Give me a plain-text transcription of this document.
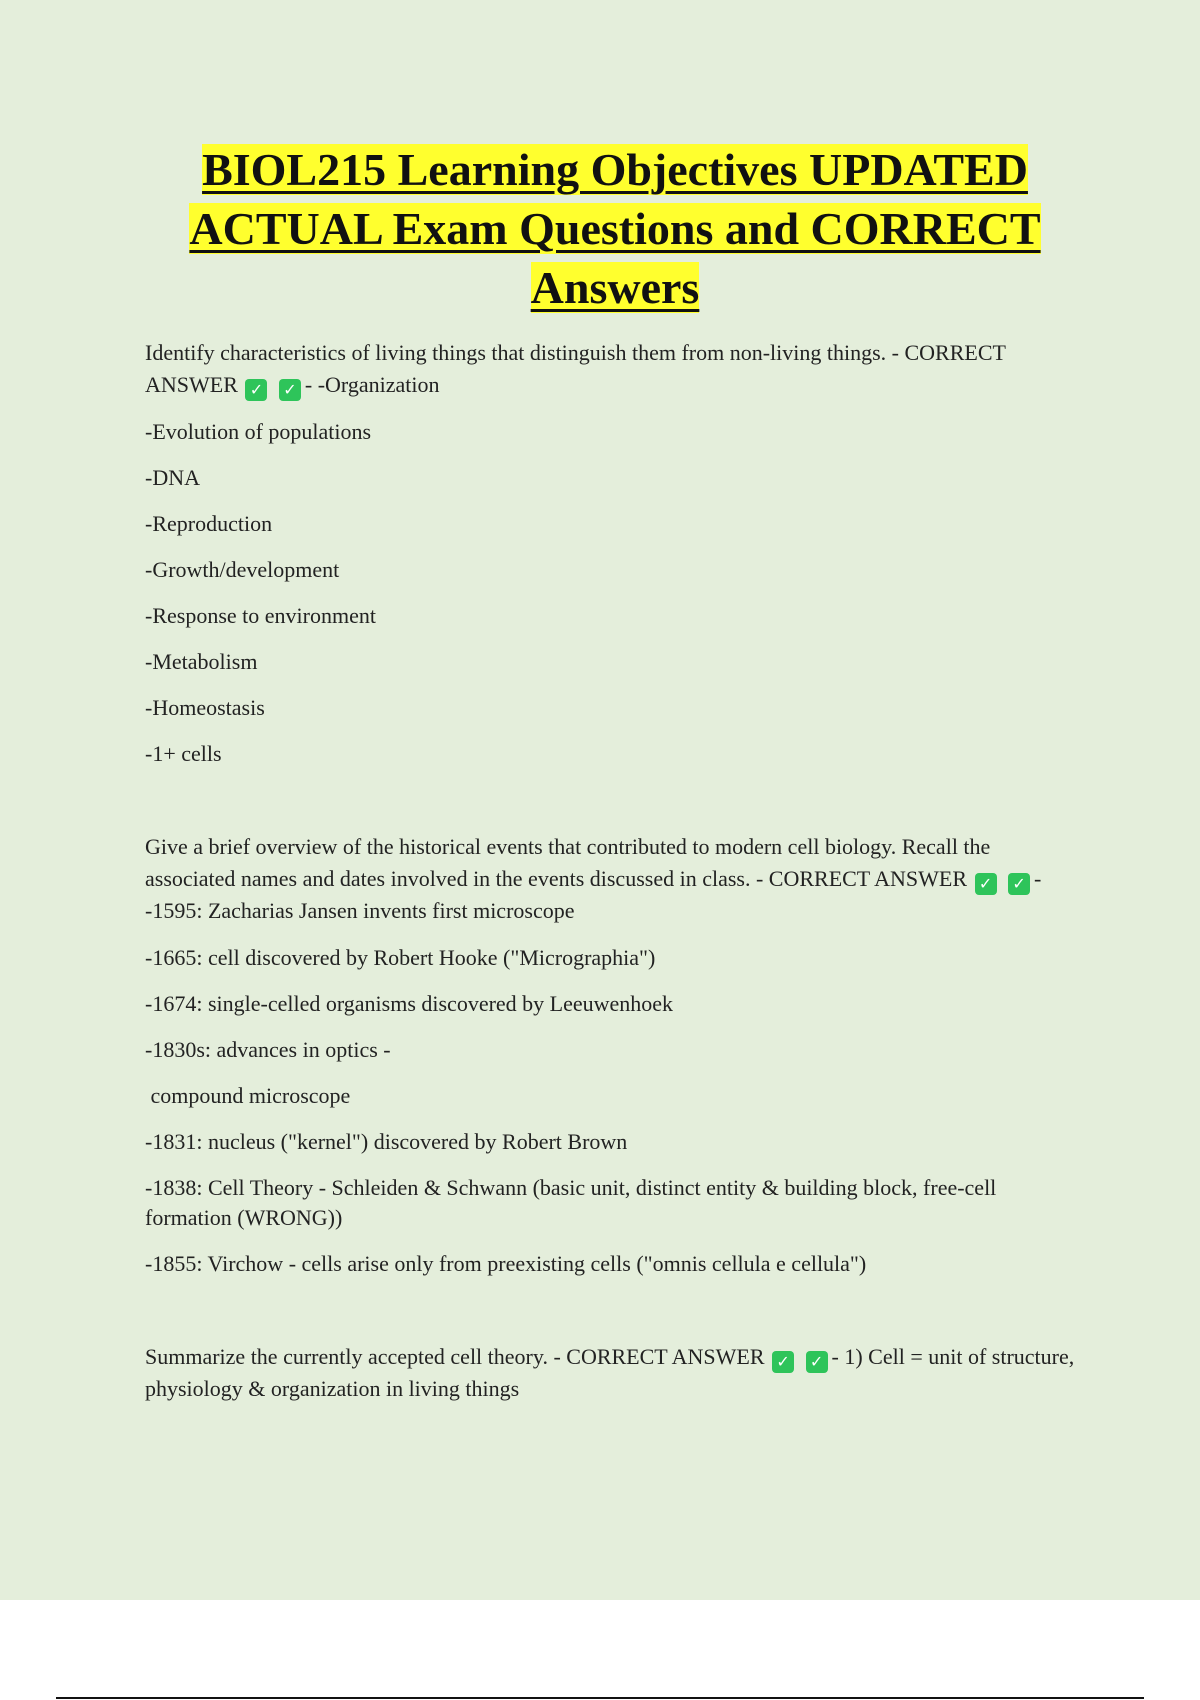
BIOL215 Learning Objectives UPDATED ACTUAL Exam Questions and CORRECT Answers

Identify characteristics of living things that distinguish them from non-living things. - CORRECT ANSWER ✓ ✓ - -Organization

-Evolution of populations

-DNA

-Reproduction

-Growth/development

-Response to environment

-Metabolism

-Homeostasis

-1+ cells

Give a brief overview of the historical events that contributed to modern cell biology. Recall the associated names and dates involved in the events discussed in class. - CORRECT ANSWER ✓ ✓ - -1595: Zacharias Jansen invents first microscope

-1665: cell discovered by Robert Hooke ("Micrographia")

-1674: single-celled organisms discovered by Leeuwenhoek

-1830s: advances in optics -

compound microscope

-1831: nucleus ("kernel") discovered by Robert Brown

-1838: Cell Theory - Schleiden & Schwann (basic unit, distinct entity & building block, free-cell formation (WRONG))

-1855: Virchow - cells arise only from preexisting cells ("omnis cellula e cellula")

Summarize the currently accepted cell theory. - CORRECT ANSWER ✓ ✓ - 1) Cell = unit of structure, physiology & organization in living things
